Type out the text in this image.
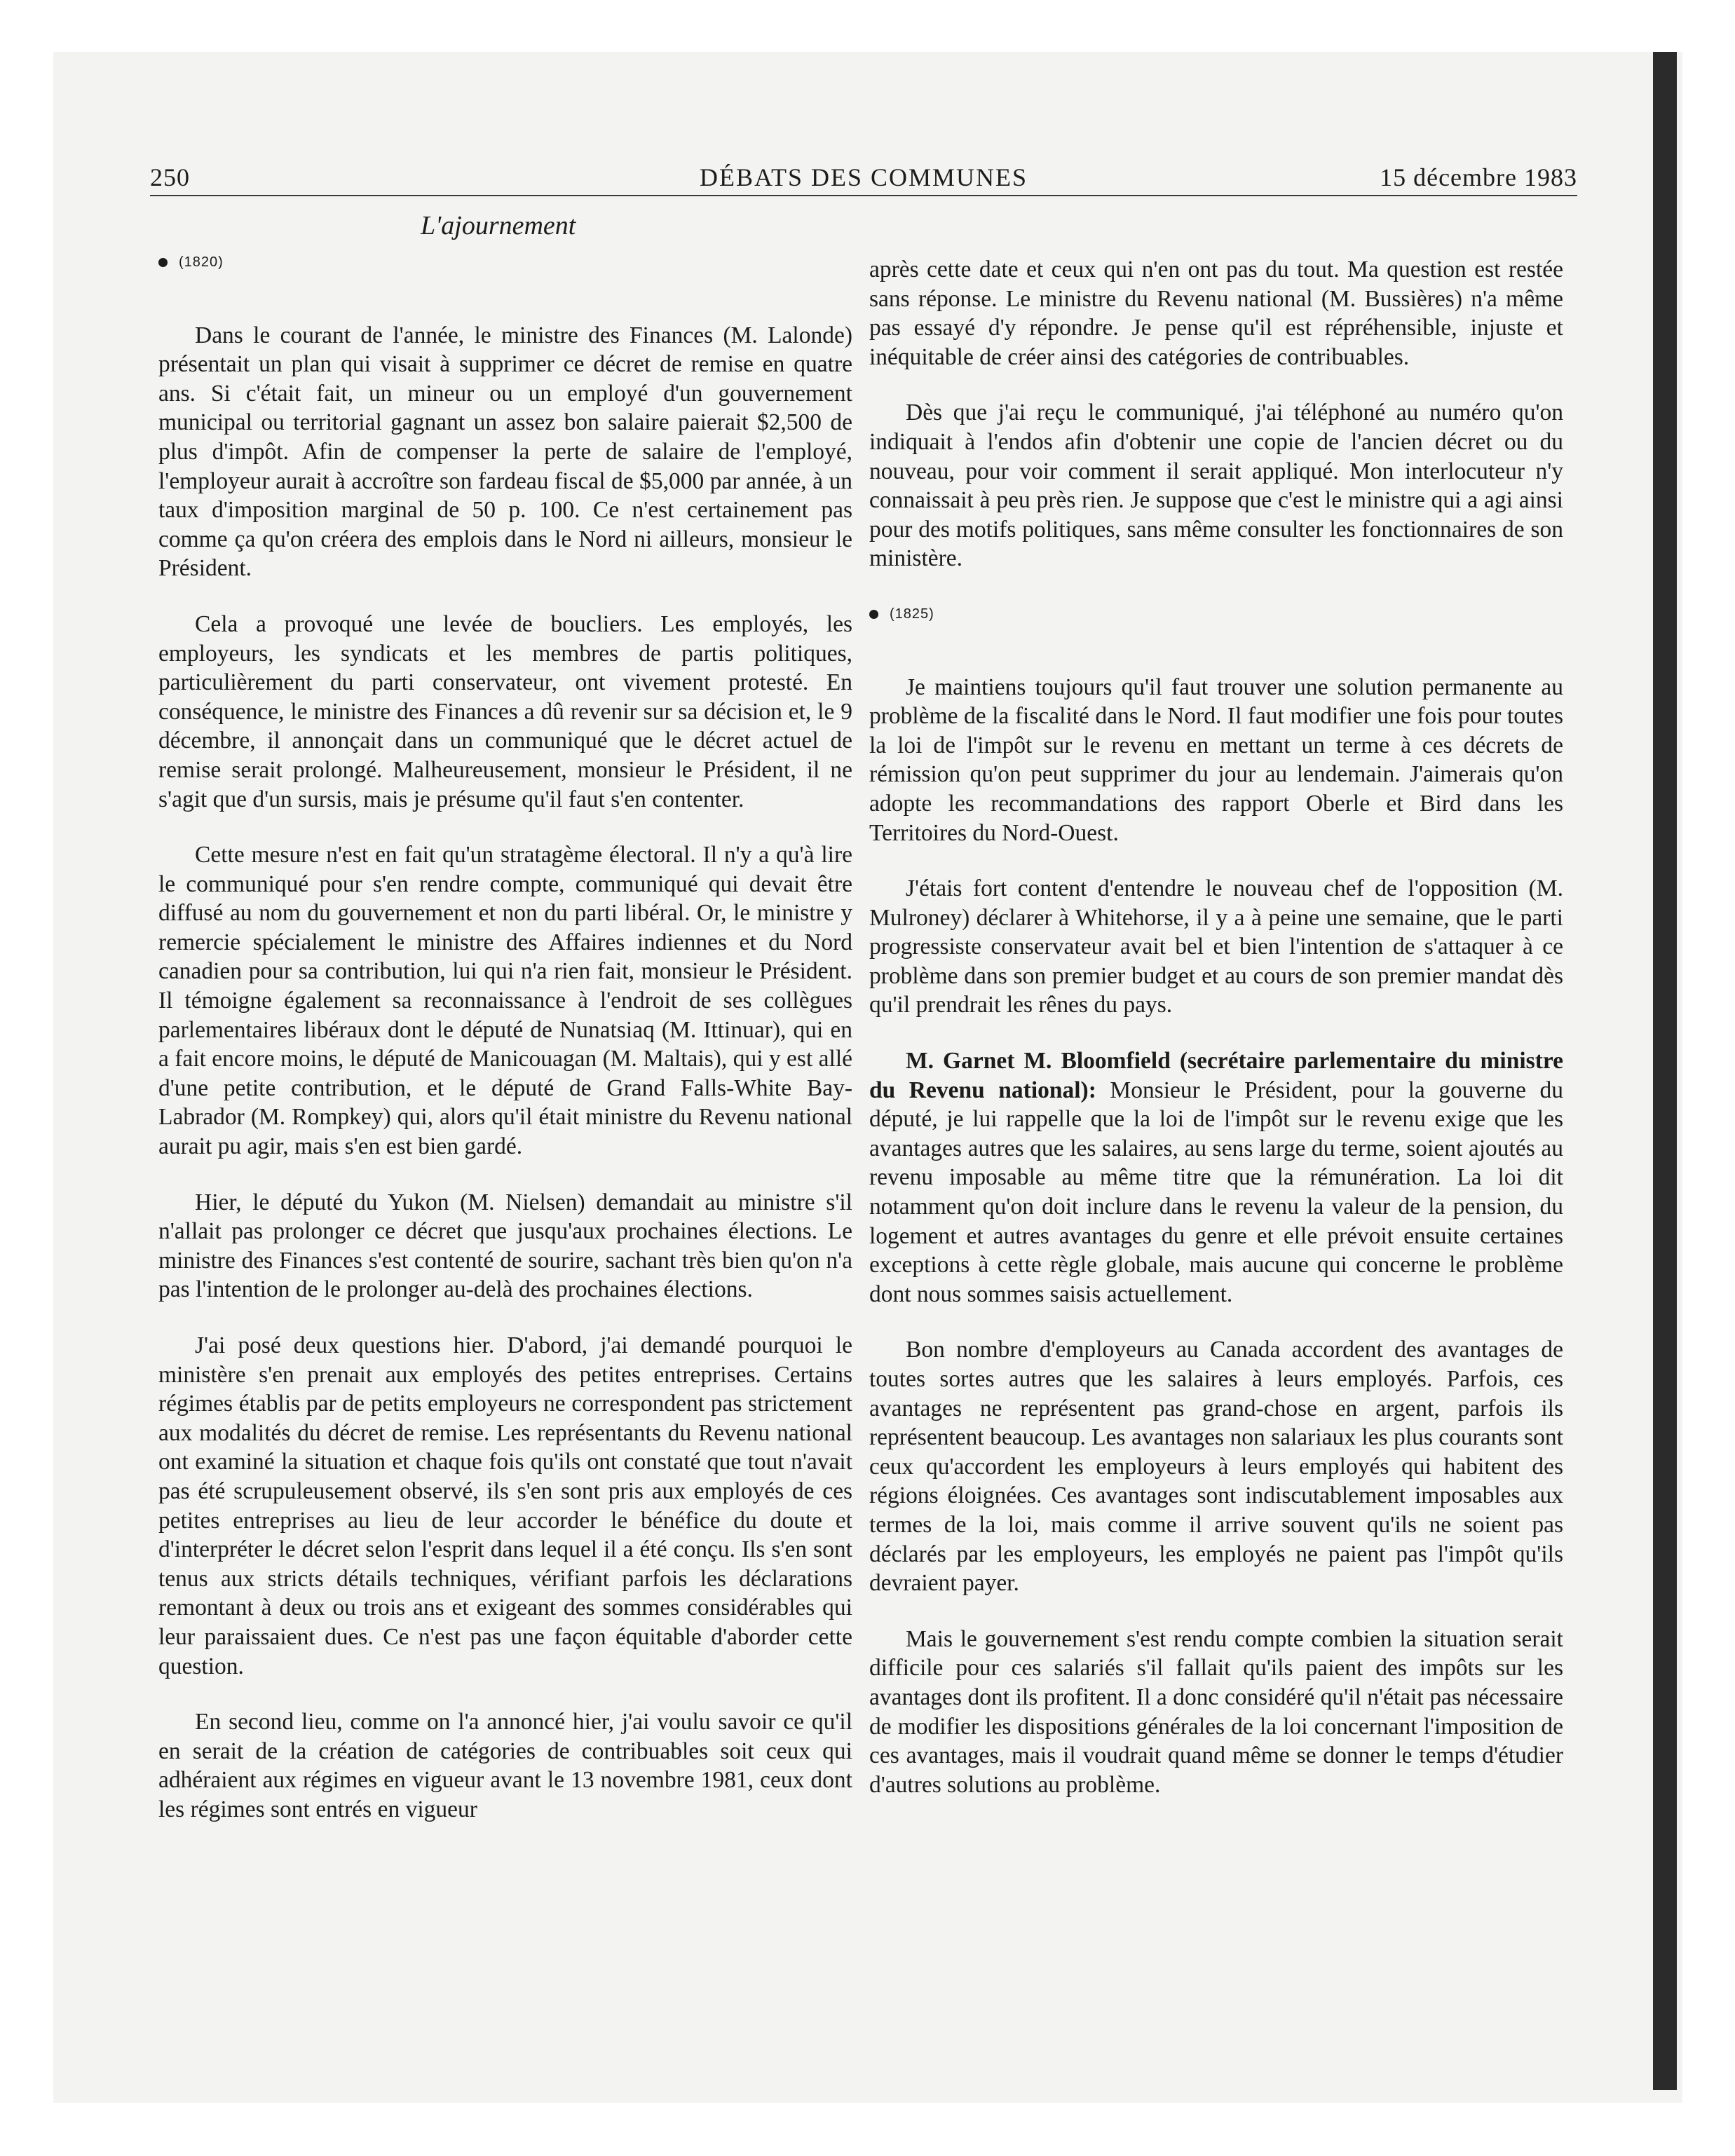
250	DÉBATS DES COMMUNES	15 décembre 1983
L'ajournement

(1820)

Dans le courant de l'année, le ministre des Finances (M. Lalonde) présentait un plan qui visait à supprimer ce décret de remise en quatre ans. Si c'était fait, un mineur ou un employé d'un gouvernement municipal ou territorial gagnant un assez bon salaire paierait $2,500 de plus d'impôt. Afin de compenser la perte de salaire de l'employé, l'employeur aurait à accroître son fardeau fiscal de $5,000 par année, à un taux d'imposition marginal de 50 p. 100. Ce n'est certainement pas comme ça qu'on créera des emplois dans le Nord ni ailleurs, monsieur le Président.

Cela a provoqué une levée de boucliers. Les employés, les employeurs, les syndicats et les membres de partis politiques, particulièrement du parti conservateur, ont vivement protesté. En conséquence, le ministre des Finances a dû revenir sur sa décision et, le 9 décembre, il annonçait dans un communiqué que le décret actuel de remise serait prolongé. Malheureusement, monsieur le Président, il ne s'agit que d'un sursis, mais je présume qu'il faut s'en contenter.

Cette mesure n'est en fait qu'un stratagème électoral. Il n'y a qu'à lire le communiqué pour s'en rendre compte, communiqué qui devait être diffusé au nom du gouvernement et non du parti libéral. Or, le ministre y remercie spécialement le ministre des Affaires indiennes et du Nord canadien pour sa contribution, lui qui n'a rien fait, monsieur le Président. Il témoigne également sa reconnaissance à l'endroit de ses collègues parlementaires libéraux dont le député de Nunatsiaq (M. Ittinuar), qui en a fait encore moins, le député de Manicouagan (M. Maltais), qui y est allé d'une petite contribution, et le député de Grand Falls-White Bay-Labrador (M. Rompkey) qui, alors qu'il était ministre du Revenu national aurait pu agir, mais s'en est bien gardé.

Hier, le député du Yukon (M. Nielsen) demandait au ministre s'il n'allait pas prolonger ce décret que jusqu'aux prochaines élections. Le ministre des Finances s'est contenté de sourire, sachant très bien qu'on n'a pas l'intention de le prolonger au-delà des prochaines élections.

J'ai posé deux questions hier. D'abord, j'ai demandé pourquoi le ministère s'en prenait aux employés des petites entreprises. Certains régimes établis par de petits employeurs ne correspondent pas strictement aux modalités du décret de remise. Les représentants du Revenu national ont examiné la situation et chaque fois qu'ils ont constaté que tout n'avait pas été scrupuleusement observé, ils s'en sont pris aux employés de ces petites entreprises au lieu de leur accorder le bénéfice du doute et d'interpréter le décret selon l'esprit dans lequel il a été conçu. Ils s'en sont tenus aux stricts détails techniques, vérifiant parfois les déclarations remontant à deux ou trois ans et exigeant des sommes considérables qui leur paraissaient dues. Ce n'est pas une façon équitable d'aborder cette question.

En second lieu, comme on l'a annoncé hier, j'ai voulu savoir ce qu'il en serait de la création de catégories de contribuables soit ceux qui adhéraient aux régimes en vigueur avant le 13 novembre 1981, ceux dont les régimes sont entrés en vigueur

après cette date et ceux qui n'en ont pas du tout. Ma question est restée sans réponse. Le ministre du Revenu national (M. Bussières) n'a même pas essayé d'y répondre. Je pense qu'il est répréhensible, injuste et inéquitable de créer ainsi des catégories de contribuables.

Dès que j'ai reçu le communiqué, j'ai téléphoné au numéro qu'on indiquait à l'endos afin d'obtenir une copie de l'ancien décret ou du nouveau, pour voir comment il serait appliqué. Mon interlocuteur n'y connaissait à peu près rien. Je suppose que c'est le ministre qui a agi ainsi pour des motifs politiques, sans même consulter les fonctionnaires de son ministère.

(1825)

Je maintiens toujours qu'il faut trouver une solution permanente au problème de la fiscalité dans le Nord. Il faut modifier une fois pour toutes la loi de l'impôt sur le revenu en mettant un terme à ces décrets de rémission qu'on peut supprimer du jour au lendemain. J'aimerais qu'on adopte les recommandations des rapport Oberle et Bird dans les Territoires du Nord-Ouest.

J'étais fort content d'entendre le nouveau chef de l'opposition (M. Mulroney) déclarer à Whitehorse, il y a à peine une semaine, que le parti progressiste conservateur avait bel et bien l'intention de s'attaquer à ce problème dans son premier budget et au cours de son premier mandat dès qu'il prendrait les rênes du pays.

M. Garnet M. Bloomfield (secrétaire parlementaire du ministre du Revenu national): Monsieur le Président, pour la gouverne du député, je lui rappelle que la loi de l'impôt sur le revenu exige que les avantages autres que les salaires, au sens large du terme, soient ajoutés au revenu imposable au même titre que la rémunération. La loi dit notamment qu'on doit inclure dans le revenu la valeur de la pension, du logement et autres avantages du genre et elle prévoit ensuite certaines exceptions à cette règle globale, mais aucune qui concerne le problème dont nous sommes saisis actuellement.

Bon nombre d'employeurs au Canada accordent des avantages de toutes sortes autres que les salaires à leurs employés. Parfois, ces avantages ne représentent pas grand-chose en argent, parfois ils représentent beaucoup. Les avantages non salariaux les plus courants sont ceux qu'accordent les employeurs à leurs employés qui habitent des régions éloignées. Ces avantages sont indiscutablement imposables aux termes de la loi, mais comme il arrive souvent qu'ils ne soient pas déclarés par les employeurs, les employés ne paient pas l'impôt qu'ils devraient payer.

Mais le gouvernement s'est rendu compte combien la situation serait difficile pour ces salariés s'il fallait qu'ils paient des impôts sur les avantages dont ils profitent. Il a donc considéré qu'il n'était pas nécessaire de modifier les dispositions générales de la loi concernant l'imposition de ces avantages, mais il voudrait quand même se donner le temps d'étudier d'autres solutions au problème.
